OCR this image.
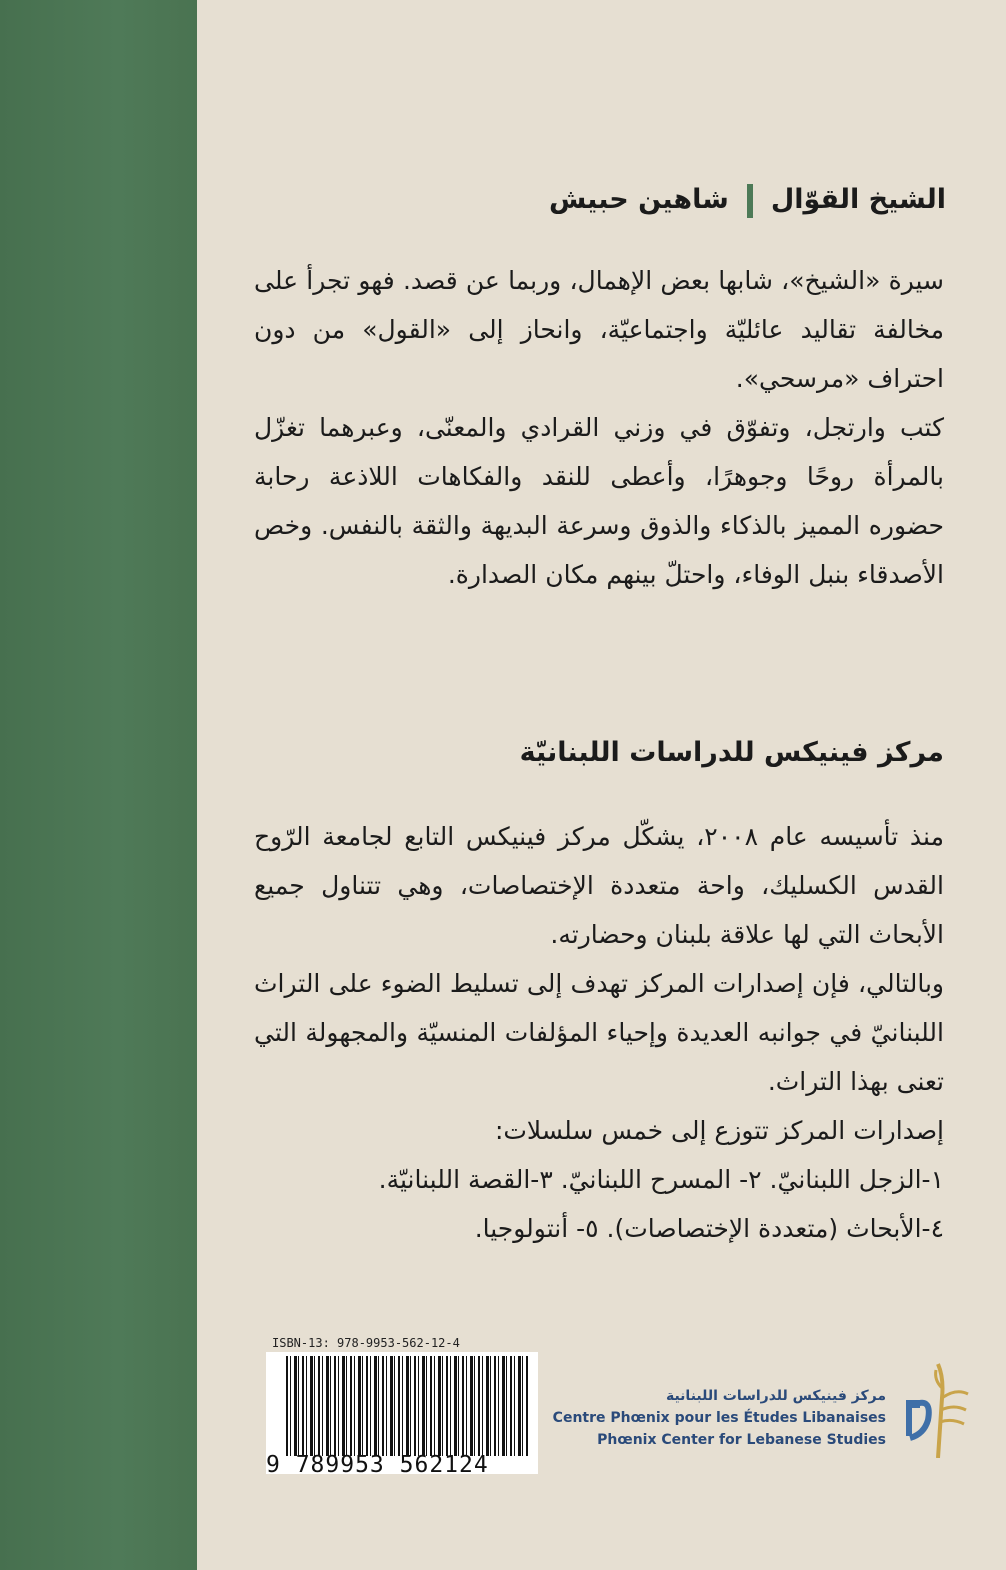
الشيخ القوّالشاهين حبيش

سيرة «الشيخ»، شابها بعض الإهمال، وربما عن قصد. فهو تجرأ على مخالفة تقاليد عائليّة واجتماعيّة، وانحاز إلى «القول» من دون احتراف «مرسحي».

كتب وارتجل، وتفوّق في وزني القرادي والمعنّى، وعبرهما تغزّل بالمرأة روحًا وجوهرًا، وأعطى للنقد والفكاهات اللاذعة رحابة حضوره المميز بالذكاء والذوق وسرعة البديهة والثقة بالنفس. وخص الأصدقاء بنبل الوفاء، واحتلّ بينهم مكان الصدارة.

مركز فينيكس للدراسات اللبنانيّة

منذ تأسيسه عام ٢٠٠٨، يشكّل مركز فينيكس التابع لجامعة الرّوح القدس الكسليك، واحة متعددة الإختصاصات، وهي تتناول جميع الأبحاث التي لها علاقة بلبنان وحضارته.

وبالتالي، فإن إصدارات المركز تهدف إلى تسليط الضوء على التراث اللبنانيّ في جوانبه العديدة وإحياء المؤلفات المنسيّة والمجهولة التي تعنى بهذا التراث.

إصدارات المركز تتوزع إلى خمس سلسلات:

١-الزجل اللبنانيّ. ٢- المسرح اللبنانيّ. ٣-القصة اللبنانيّة.

٤-الأبحاث (متعددة الإختصاصات). ٥- أنتولوجيا.

ISBN-13: 978-9953-562-12-4
9 789953 562124
مركز فينيكس للدراسات اللبنانية
Centre Phœnix pour les Études Libanaises
Phœnix Center for Lebanese Studies
